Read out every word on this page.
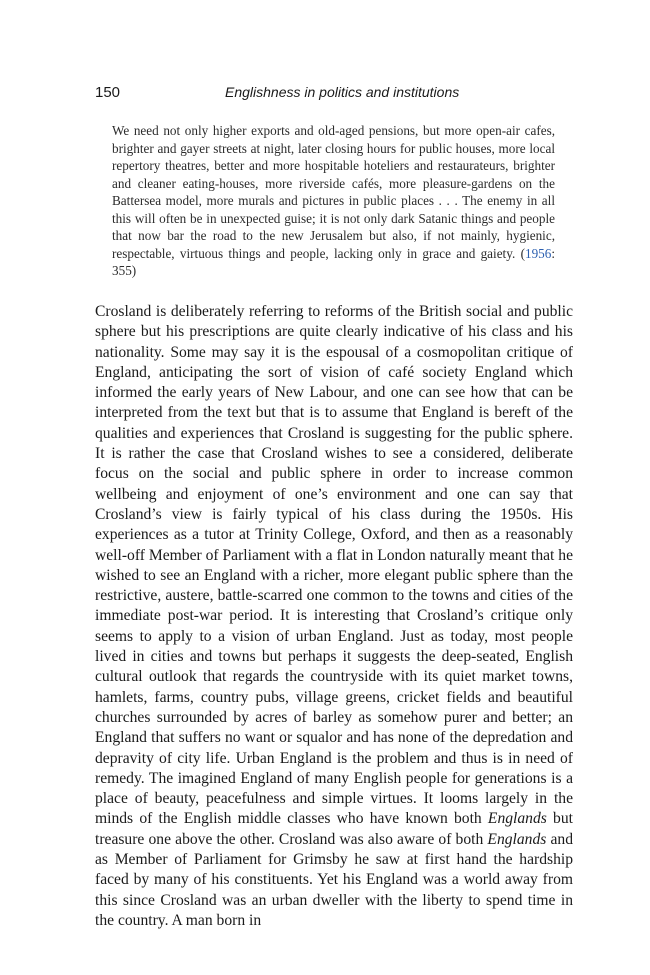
150	Englishness in politics and institutions

We need not only higher exports and old-aged pensions, but more open-air cafes, brighter and gayer streets at night, later closing hours for public houses, more local repertory theatres, better and more hospitable hoteliers and restaurateurs, brighter and cleaner eating-houses, more riverside cafés, more pleasure-gardens on the Battersea model, more murals and pictures in public places . . . The enemy in all this will often be in unexpected guise; it is not only dark Satanic things and people that now bar the road to the new Jerusalem but also, if not mainly, hygienic, respectable, virtuous things and people, lacking only in grace and gaiety. (1956: 355)

Crosland is deliberately referring to reforms of the British social and public sphere but his prescriptions are quite clearly indicative of his class and his nationality. Some may say it is the espousal of a cosmopolitan critique of England, anticipating the sort of vision of café society England which informed the early years of New Labour, and one can see how that can be interpreted from the text but that is to assume that England is bereft of the qualities and experiences that Crosland is suggesting for the public sphere. It is rather the case that Crosland wishes to see a considered, deliberate focus on the social and public sphere in order to increase common wellbeing and enjoyment of one’s environment and one can say that Crosland’s view is fairly typical of his class during the 1950s. His experiences as a tutor at Trinity College, Oxford, and then as a reasonably well-off Member of Parliament with a flat in London naturally meant that he wished to see an England with a richer, more elegant public sphere than the restrictive, austere, battle-scarred one common to the towns and cities of the immediate post-war period. It is interesting that Crosland’s critique only seems to apply to a vision of urban England. Just as today, most people lived in cities and towns but perhaps it suggests the deep-seated, English cultural outlook that regards the countryside with its quiet market towns, hamlets, farms, country pubs, village greens, cricket fields and beautiful churches surrounded by acres of barley as somehow purer and better; an England that suffers no want or squalor and has none of the depredation and depravity of city life. Urban England is the problem and thus is in need of remedy. The imagined England of many English people for generations is a place of beauty, peacefulness and simple virtues. It looms largely in the minds of the English middle classes who have known both Englands but treasure one above the other. Crosland was also aware of both Englands and as Member of Parliament for Grimsby he saw at first hand the hardship faced by many of his constituents. Yet his England was a world away from this since Crosland was an urban dweller with the liberty to spend time in the country. A man born in
